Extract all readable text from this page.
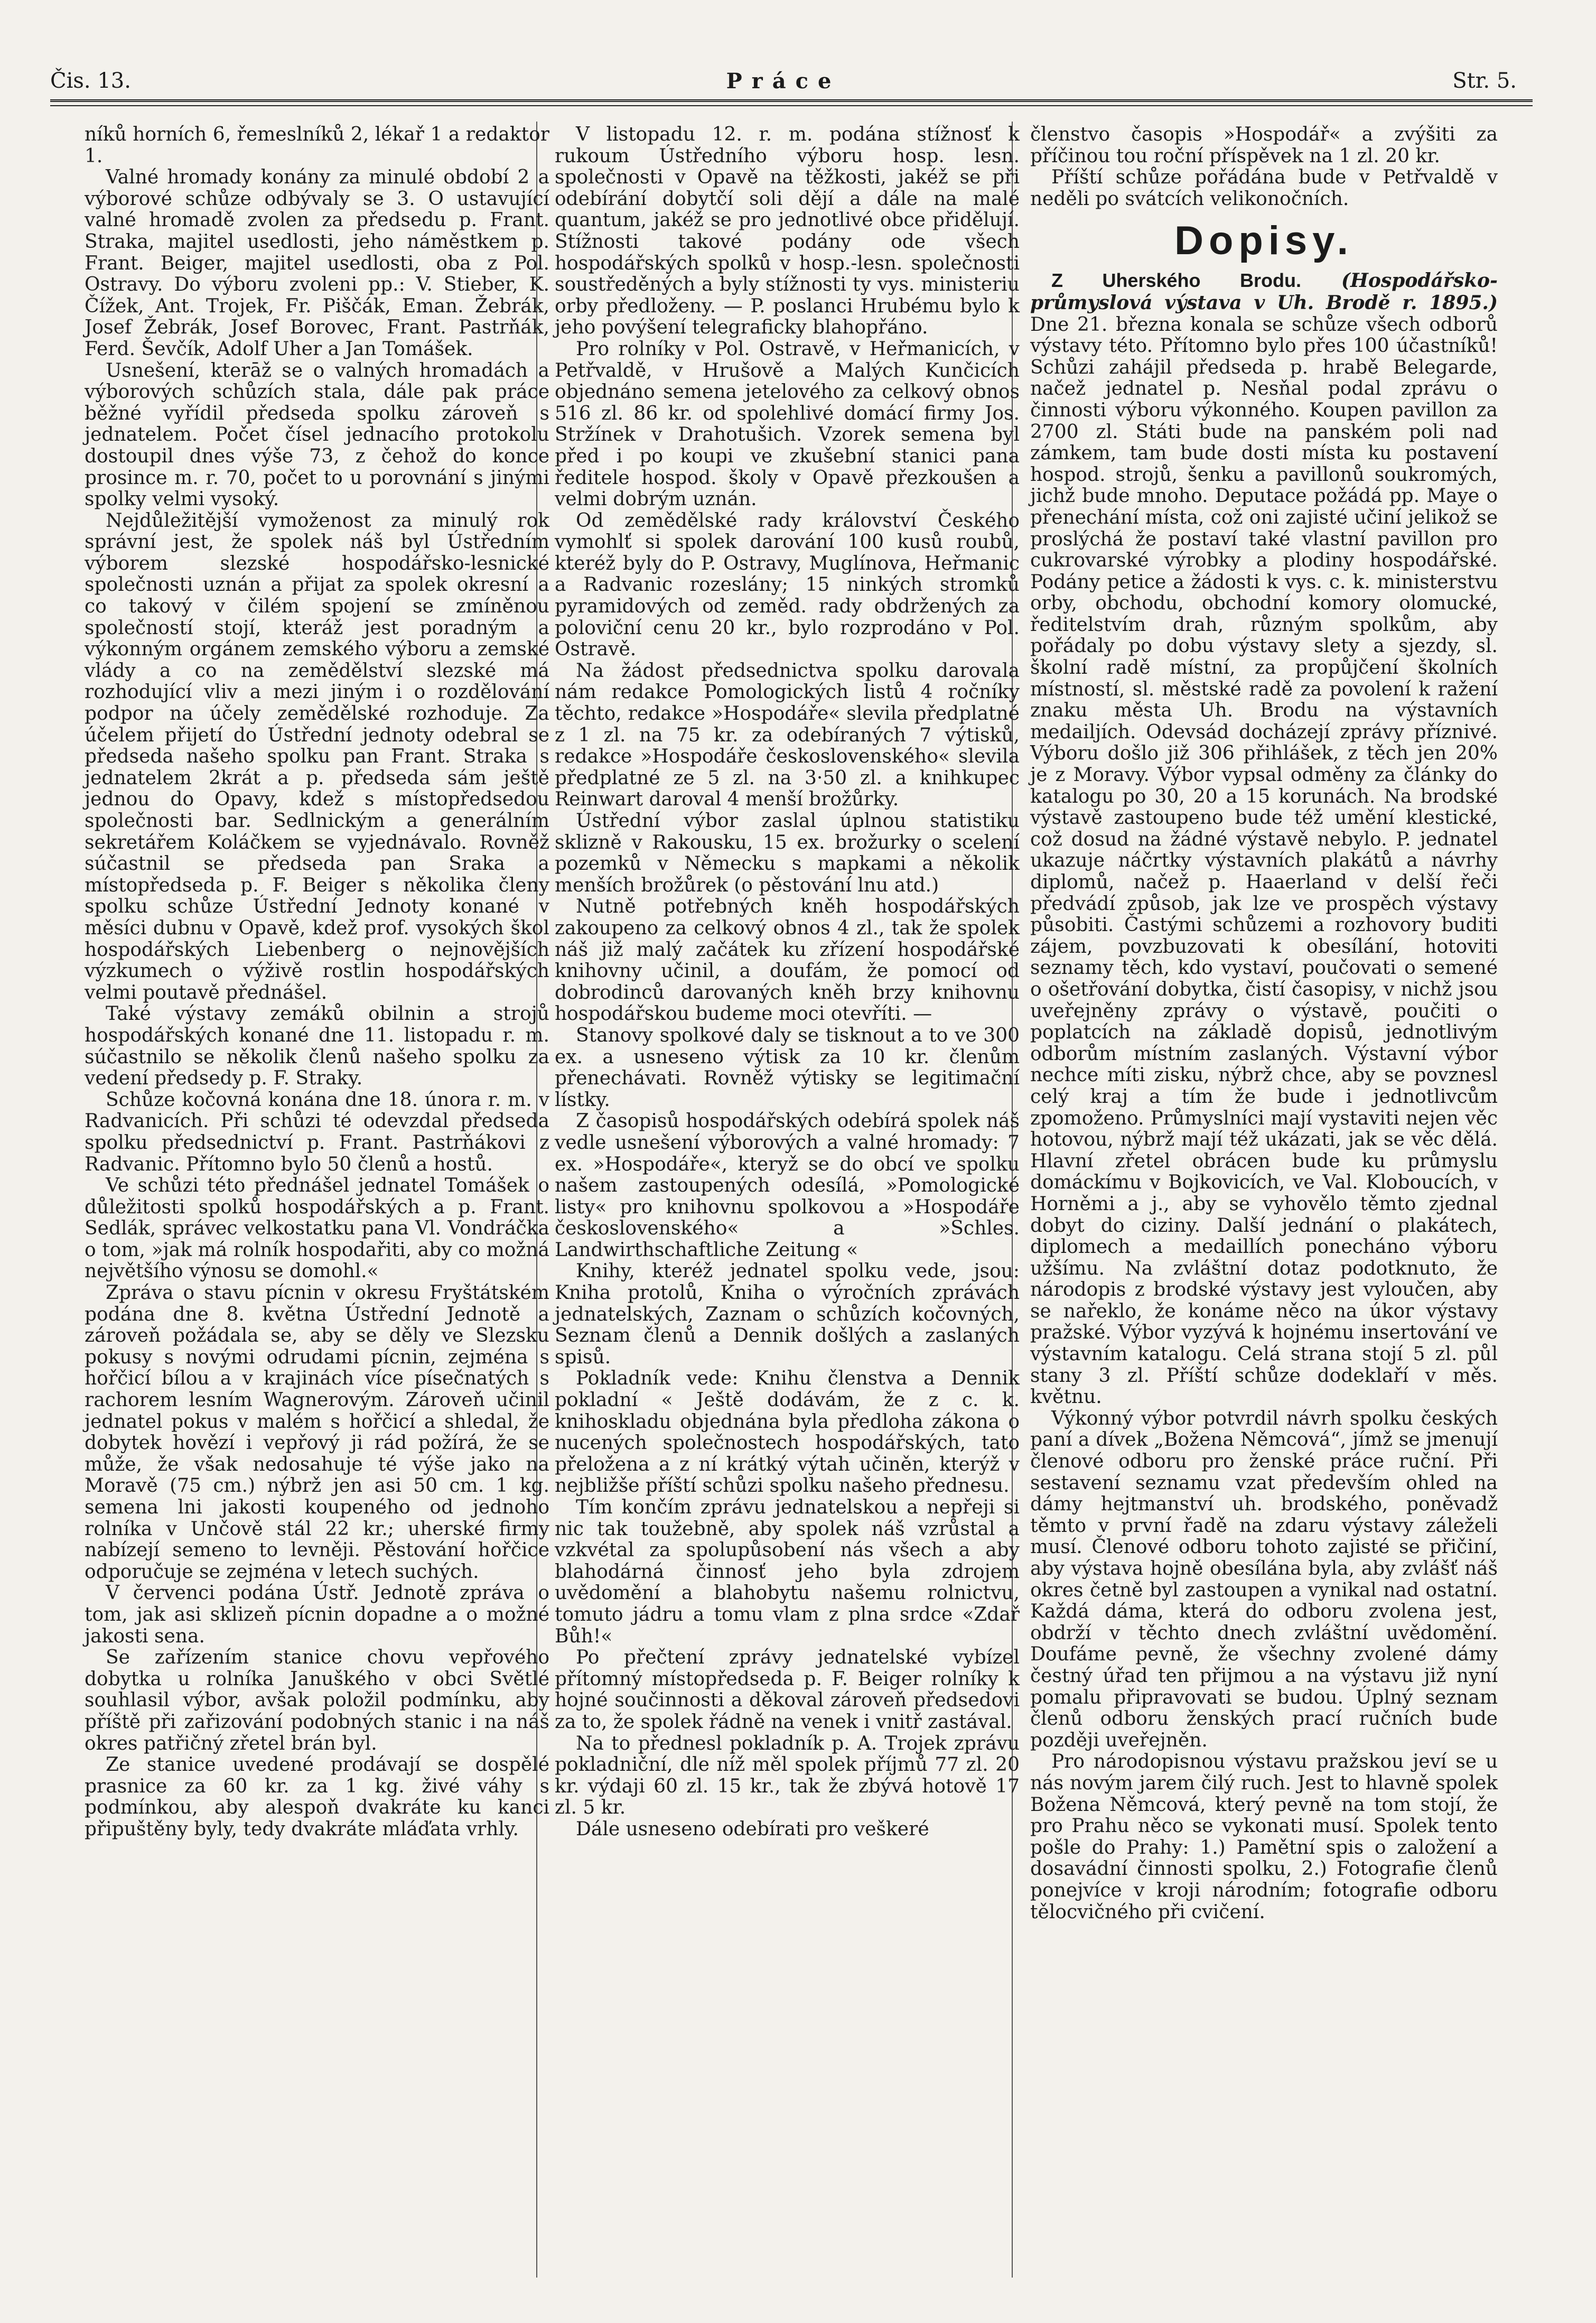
Čis. 13.	Práce	Str. 5.

níků horních 6, řemeslníků 2, lékař 1 a redaktor 1.

Valné hromady konány za minulé období 2 a výborové schůze odbývaly se 3. O ustavující valné hromadě zvolen za předsedu p. Frant. Straka, majitel usedlosti, jeho náměstkem p. Frant. Beiger, majitel usedlosti, oba z Pol. Ostravy. Do výboru zvoleni pp.: V. Stieber, K. Čížek, Ant. Trojek, Fr. Piščák, Eman. Žebrák, Josef Žebrák, Josef Borovec, Frant. Pastrňák, Ferd. Ševčík, Adolf Uher a Jan Tomášek.

Usnešení, kterāž se o valných hromadách a výborových schůzích stala, dále pak práce běžné vyřídil předseda spolku zároveň s jednatelem. Počet čísel jednacího protokolu dostoupil dnes výše 73, z čehož do konce prosince m. r. 70, počet to u porovnání s jinými spolky velmi vysoký.

Nejdůležitější vymoženost za minulý rok správní jest, že spolek náš byl Ústředním výborem slezské hospodářsko-lesnické společnosti uznán a přijat za spolek okresní a co takový v čilém spojení se zmíněnou společností stojí, kteráž jest poradným a výkonným orgánem zemského výboru a zemské vlády a co na zemědělství slezské má rozhodující vliv a mezi jiným i o rozdělování podpor na účely zemědělské rozhoduje. Za účelem přijetí do Ústřední jednoty odebral se předseda našeho spolku pan Frant. Straka s jednatelem 2krát a p. předseda sám ještě jednou do Opavy, kdež s místopředsedou společnosti bar. Sedlnickým a generálním sekretářem Koláčkem se vyjednávalo. Rovněž súčastnil se předseda pan Sraka a místopředseda p. F. Beiger s několika členy spolku schůze Ústřední Jednoty konané v měsíci dubnu v Opavě, kdež prof. vysokých škol hospodářských Liebenberg o nejnovějších výzkumech o výživě rostlin hospodářských velmi poutavě přednášel.

Také výstavy zemáků obilnin a strojů hospodářských konané dne 11. listopadu r. m. súčastnilo se několik členů našeho spolku za vedení předsedy p. F. Straky.

Schůze kočovná konána dne 18. února r. m. v Radvanicích. Při schůzi té odevzdal předseda spolku předsednictví p. Frant. Pastrňákovi z Radvanic. Přítomno bylo 50 členů a hostů.

Ve schůzi této přednášel jednatel Tomášek o důležitosti spolků hospodářských a p. Frant. Sedlák, správec velkostatku pana Vl. Vondráčka o tom, »jak má rolník hospodařiti, aby co možná největšího výnosu se domohl.«

Zpráva o stavu pícnin v okresu Fryštátském podána dne 8. května Ústřední Jednotě a zároveň požádala se, aby se děly ve Slezsku pokusy s novými odrudami pícnin, zejména s hořčicí bílou a v krajinách více písečnatých s rachorem lesním Wagnerovým. Zároveň učinil jednatel pokus v malém s hořčicí a shledal, že dobytek hovězí i vepřový ji rád požírá, že se může, že však nedosahuje té výše jako na Moravě (75 cm.) nýbrž jen asi 50 cm. 1 kg. semena lni jakosti koupeného od jednoho rolníka v Unčově stál 22 kr.; uherské firmy nabízejí semeno to levněji. Pěstování hořčice odporučuje se zejména v letech suchých.

V červenci podána Ústř. Jednotě zpráva o tom, jak asi sklizeň pícnin dopadne a o možné jakosti sena.

Se zařízením stanice chovu vepřového dobytka u rolníka Januškého v obci Světlé souhlasil výbor, avšak položil podmínku, aby příště při zařizování podobných stanic i na náš okres patřičný zřetel brán byl.

Ze stanice uvedené prodávají se dospělé prasnice za 60 kr. za 1 kg. živé váhy s podmínkou, aby alespoň dvakráte ku kanci připuštěny byly, tedy dvakráte mláďata vrhly.

V listopadu 12. r. m. podána stížnosť k rukoum Ústředního výboru hosp. lesn. společnosti v Opavě na těžkosti, jakéž se při odebírání dobytčí soli dějí a dále na malé quantum, jakéž se pro jednotlivé obce přidělují. Stížnosti takové podány ode všech hospodářských spolků v hosp.-lesn. společnosti soustředěných a byly stížnosti ty vys. ministeriu orby předloženy. — P. poslanci Hrubému bylo k jeho povýšení telegraficky blahopřáno.

Pro rolníky v Pol. Ostravě, v Heřmanicích, v Petřvaldě, v Hrušově a Malých Kunčicích objednáno semena jetelového za celkový obnos 516 zl. 86 kr. od spolehlivé domácí firmy Jos. Stržínek v Drahotušich. Vzorek semena byl před i po koupi ve zkušební stanici pana ředitele hospod. školy v Opavě přezkoušen a velmi dobrým uznán.

Od zemědělské rady království Českého vymohlť si spolek darování 100 kusů roubů, kteréž byly do P. Ostravy, Muglínova, Heřmanic a Radvanic rozeslány; 15 ninkých stromků pyramidových od zeměd. rady obdržených za poloviční cenu 20 kr., bylo rozprodáno v Pol. Ostravě.

Na žádost předsednictva spolku darovala nám redakce Pomologických listů 4 ročníky těchto, redakce »Hospodáře« slevila předplatné z 1 zl. na 75 kr. za odebíraných 7 výtisků, redakce »Hospodáře československého« slevila předplatné ze 5 zl. na 3·50 zl. a knihkupec Reinwart daroval 4 menší brožůrky.

Ústřední výbor zaslal úplnou statistiku sklizně v Rakousku, 15 ex. brožurky o scelení pozemků v Německu s mapkami a několik menších brožůrek (o pěstování lnu atd.)

Nutně potřebných kněh hospodářských zakoupeno za celkový obnos 4 zl., tak že spolek náš již malý začátek ku zřízení hospodářské knihovny učinil, a doufám, že pomocí od dobrodinců darovaných kněh brzy knihovnu hospodářskou budeme moci otevříti. —

Stanovy spolkové daly se tisknout a to ve 300 ex. a usneseno výtisk za 10 kr. členům přenechávati. Rovněž výtisky se legitimační lístky.

Z časopisů hospodářských odebírá spolek náš vedle usnešení výborových a valné hromady: 7 ex. »Hospodáře«, kteryž se do obcí ve spolku našem zastoupených odesílá, »Pomologické listy« pro knihovnu spolkovou a »Hospodáře československého« a »Schles. Landwirthschaftliche Zeitung «

Knihy, kteréž jednatel spolku vede, jsou: Kniha protolů, Kniha o výročních zprávách jednatelských, Zaznam o schůzích kočovných, Seznam členů a Dennik došlých a zaslaných spisů.

Pokladník vede: Knihu členstva a Dennik pokladní « Ještě dodávám, že z c. k. knihoskladu objednána byla předloha zákona o nucených společnostech hospodářských, tato přeložena a z ní krátký výtah učiněn, kterýž v nejbližše příští schůzi spolku našeho přednesu.

Tím končím zprávu jednatelskou a nepřeji si nic tak toužebně, aby spolek náš vzrůstal a vzkvétal za spolupůsobení nás všech a aby blahodárná činnosť jeho byla zdrojem uvědomění a blahobytu našemu rolnictvu, tomuto jádru a tomu vlam z plna srdce «Zdař Bůh!«

Po přečtení zprávy jednatelské vybízel přítomný místopředseda p. F. Beiger rolníky k hojné součinnosti a děkoval zároveň předsedovi za to, že spolek řádně na venek i vnitř zastával.

Na to přednesl pokladník p. A. Trojek zprávu pokladniční, dle níž měl spolek příjmů 77 zl. 20 kr. výdaji 60 zl. 15 kr., tak že zbývá hotově 17 zl. 5 kr.

Dále usneseno odebírati pro veškeré

členstvo časopis »Hospodář« a zvýšiti za příčinou tou roční příspěvek na 1 zl. 20 kr.

Příští schůze pořádána bude v Petřvaldě v neděli po svátcích velikonočních.

Dopisy.

Z Uherského Brodu. (Hospodářsko-průmyslová výstava v Uh. Brodě r. 1895.) Dne 21. března konala se schůze všech odborů výstavy této. Přítomno bylo přes 100 účastníků! Schůzi zahájil předseda p. hrabě Belegarde, načež jednatel p. Nesňal podal zprávu o činnosti výboru výkonného. Koupen pavillon za 2700 zl. Státi bude na panském poli nad zámkem, tam bude dosti místa ku postavení hospod. strojů, šenku a pavillonů soukromých, jichž bude mnoho. Deputace požádá pp. Maye o přenechání místa, což oni zajisté učiní jelikož se proslýchá že postaví také vlastní pavillon pro cukrovarské výrobky a plodiny hospodářské. Podány petice a žádosti k vys. c. k. ministerstvu orby, obchodu, obchodní komory olomucké, ředitelstvím drah, různým spolkům, aby pořádaly po dobu výstavy slety a sjezdy, sl. školní radě místní, za propůjčení školních místností, sl. městské radě za povolení k ražení znaku města Uh. Brodu na výstavních medailjích. Odevsád docházejí zprávy příznivé. Výboru došlo již 306 přihlášek, z těch jen 20% je z Moravy. Výbor vypsal odměny za články do katalogu po 30, 20 a 15 korunách. Na brodské výstavě zastoupeno bude též umění klestické, což dosud na žádné výstavě nebylo. P. jednatel ukazuje náčrtky výstavních plakátů a návrhy diplomů, načež p. Haaerland v delší řeči předvádí způsob, jak lze ve prospěch výstavy působiti. Častými schůzemi a rozhovory buditi zájem, povzbuzovati k obesílání, hotoviti seznamy těch, kdo vystaví, poučovati o semené o ošetřování dobytka, čistí časopisy, v nichž jsou uveřejněny zprávy o výstavě, poučiti o poplatcích na základě dopisů, jednotlivým odborům místním zaslaných. Výstavní výbor nechce míti zisku, nýbrž chce, aby se povznesl celý kraj a tím že bude i jednotlivcům zpomoženo. Průmyslníci mají vystaviti nejen věc hotovou, nýbrž mají též ukázati, jak se věc dělá. Hlavní zřetel obrácen bude ku průmyslu domáckímu v Bojkovicích, ve Val. Kloboucích, v Horněmi a j., aby se vyhovělo těmto zjednal dobyt do ciziny. Další jednání o plakátech, diplomech a medaillích ponecháno výboru užšímu. Na zvláštní dotaz podotknuto, že národopis z brodské výstavy jest vyloučen, aby se nařeklo, že konáme něco na úkor výstavy pražské. Výbor vyzývá k hojnému insertování ve výstavním katalogu. Celá strana stojí 5 zl. půl stany 3 zl. Příští schůze dodeklaří v měs. květnu.

Výkonný výbor potvrdil návrh spolku českých paní a dívek „Božena Němcová“, jímž se jmenují členové odboru pro ženské práce ruční. Při sestavení seznamu vzat především ohled na dámy hejtmanství uh. brodského, poněvadž těmto v první řadě na zdaru výstavy záleželi musí. Členové odboru tohoto zajisté se přičiní, aby výstava hojně obesílána byla, aby zvlášť náš okres četně byl zastoupen a vynikal nad ostatní. Každá dáma, která do odboru zvolena jest, obdrží v těchto dnech zvláštní uvědomění. Doufáme pevně, že všechny zvolené dámy čestný úřad ten přijmou a na výstavu již nyní pomalu připravovati se budou. Úplný seznam členů odboru ženských prací ručních bude později uveřejněn.

Pro národopisnou výstavu pražskou jeví se u nás novým jarem čilý ruch. Jest to hlavně spolek Božena Němcová, který pevně na tom stojí, že pro Prahu něco se vykonati musí. Spolek tento pošle do Prahy: 1.) Pamětní spis o založení a dosavádní činnosti spolku, 2.) Fotografie členů ponejvíce v kroji národním; fotografie odboru tělocvičného při cvičení.
